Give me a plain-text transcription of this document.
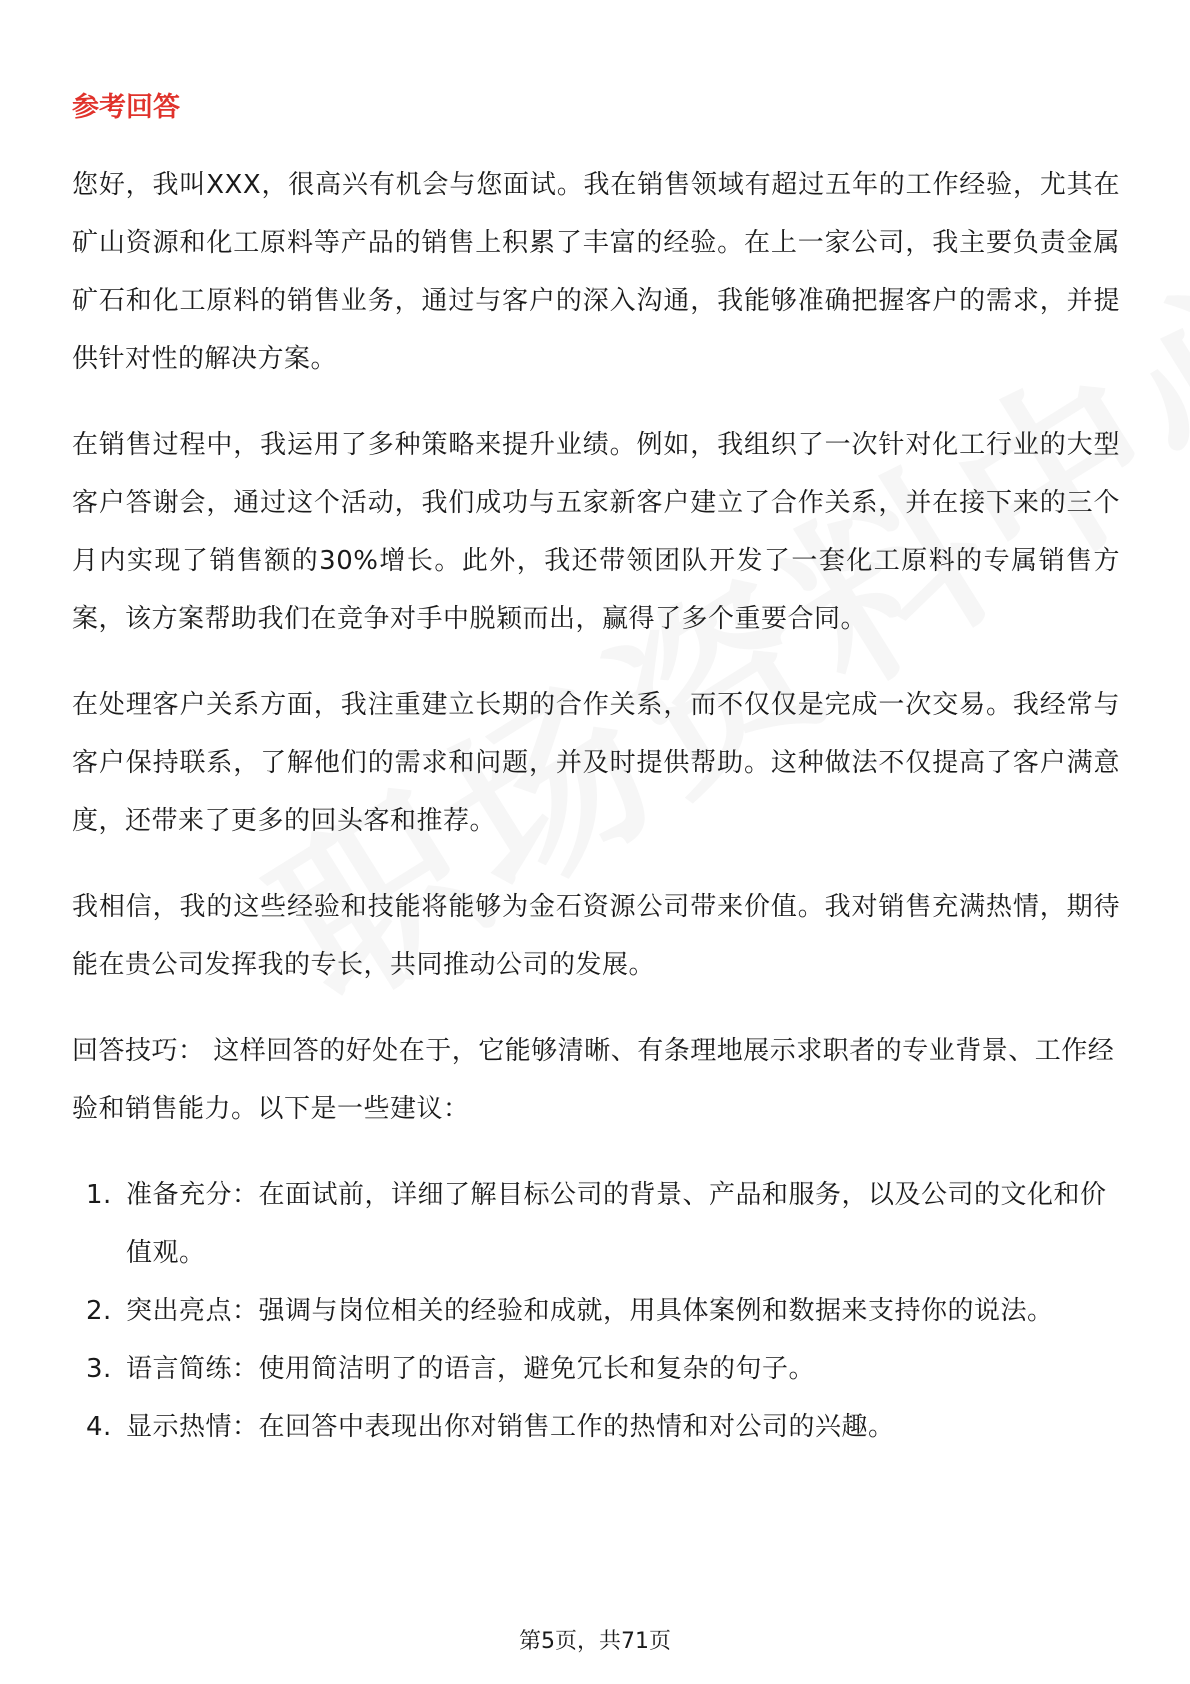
参考回答

您好，我叫XXX，很高兴有机会与您面试。我在销售领域有超过五年的工作经验，尤其在矿山资源和化工原料等产品的销售上积累了丰富的经验。在上一家公司，我主要负责金属矿石和化工原料的销售业务，通过与客户的深入沟通，我能够准确把握客户的需求，并提供针对性的解决方案。

在销售过程中，我运用了多种策略来提升业绩。例如，我组织了一次针对化工行业的大型客户答谢会，通过这个活动，我们成功与五家新客户建立了合作关系，并在接下来的三个月内实现了销售额的30%增长。此外，我还带领团队开发了一套化工原料的专属销售方案，该方案帮助我们在竞争对手中脱颖而出，赢得了多个重要合同。

在处理客户关系方面，我注重建立长期的合作关系，而不仅仅是完成一次交易。我经常与客户保持联系，了解他们的需求和问题，并及时提供帮助。这种做法不仅提高了客户满意度，还带来了更多的回头客和推荐。

我相信，我的这些经验和技能将能够为金石资源公司带来价值。我对销售充满热情，期待能在贵公司发挥我的专长，共同推动公司的发展。

回答技巧： 这样回答的好处在于，它能够清晰、有条理地展示求职者的专业背景、工作经验和销售能力。以下是一些建议：

1. 准备充分：在面试前，详细了解目标公司的背景、产品和服务，以及公司的文化和价值观。
2. 突出亮点：强调与岗位相关的经验和成就，用具体案例和数据来支持你的说法。
3. 语言简练：使用简洁明了的语言，避免冗长和复杂的句子。
4. 显示热情：在回答中表现出你对销售工作的热情和对公司的兴趣。
第5页，共71页
